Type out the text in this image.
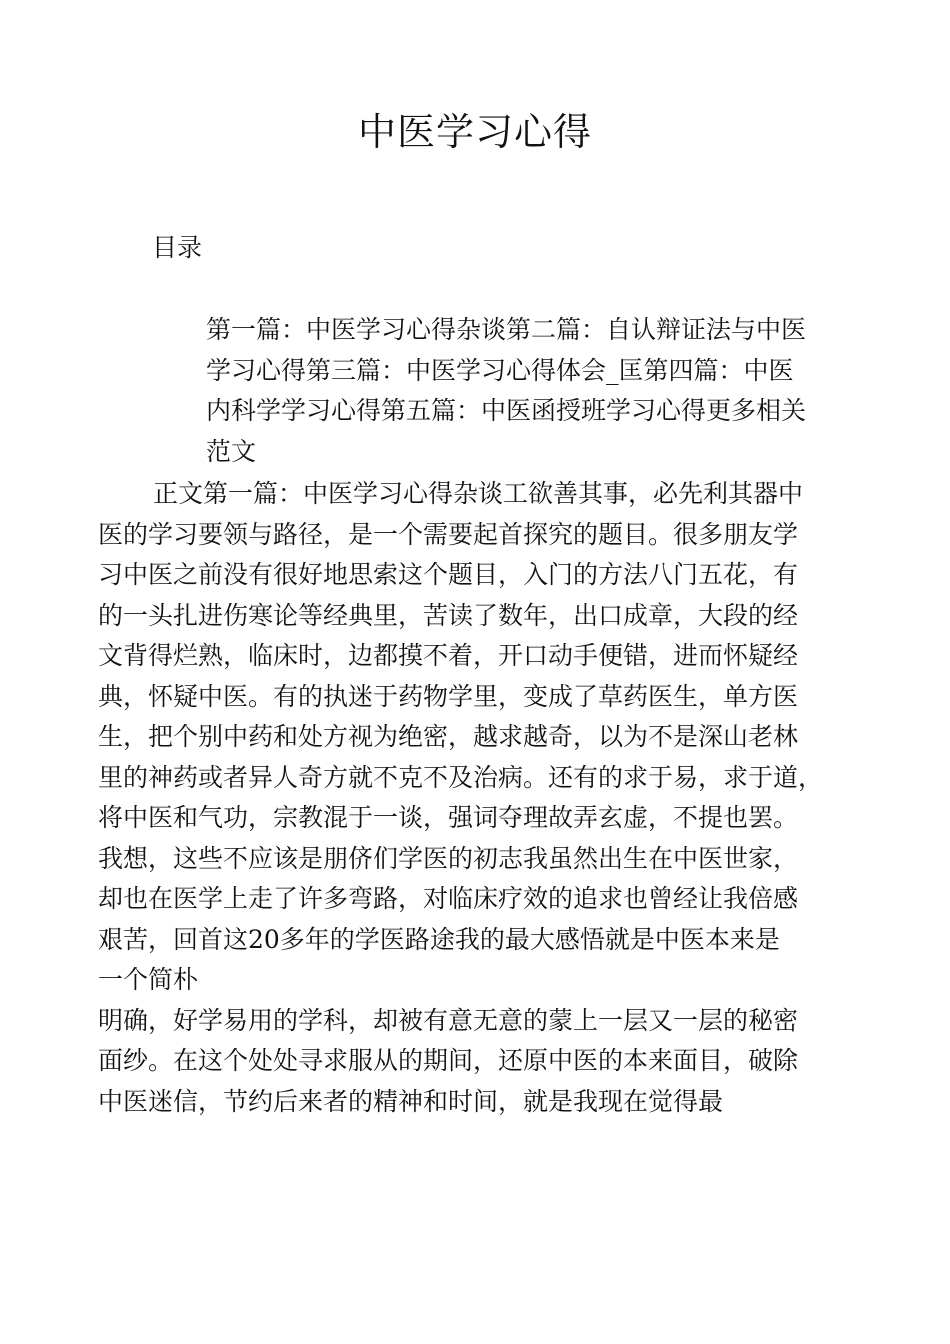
中医学习心得
目录
第一篇：中医学习心得杂谈第二篇：自认辩证法与中医
学习心得第三篇：中医学习心得体会_匡第四篇：中医
内科学学习心得第五篇：中医函授班学习心得更多相关
范文
正文第一篇：中医学习心得杂谈工欲善其事，必先利其器中
医的学习要领与路径，是一个需要起首探究的题目。很多朋友学
习中医之前没有很好地思索这个题目，入门的方法八门五花，有
的一头扎进伤寒论等经典里，苦读了数年，出口成章，大段的经
文背得烂熟，临床时，边都摸不着，开口动手便错，进而怀疑经
典，怀疑中医。有的执迷于药物学里，变成了草药医生，单方医
生，把个别中药和处方视为绝密，越求越奇，以为不是深山老林
里的神药或者异人奇方就不克不及治病。还有的求于易，求于道，
将中医和气功，宗教混于一谈，强词夺理故弄玄虚，不提也罢。
我想，这些不应该是朋侪们学医的初志我虽然出生在中医世家，
却也在医学上走了许多弯路，对临床疗效的追求也曾经让我倍感
艰苦，回首这20多年的学医路途我的最大感悟就是中医本来是
一个简朴
明确，好学易用的学科，却被有意无意的蒙上一层又一层的秘密
面纱。在这个处处寻求服从的期间，还原中医的本来面目，破除
中医迷信，节约后来者的精神和时间，就是我现在觉得最
